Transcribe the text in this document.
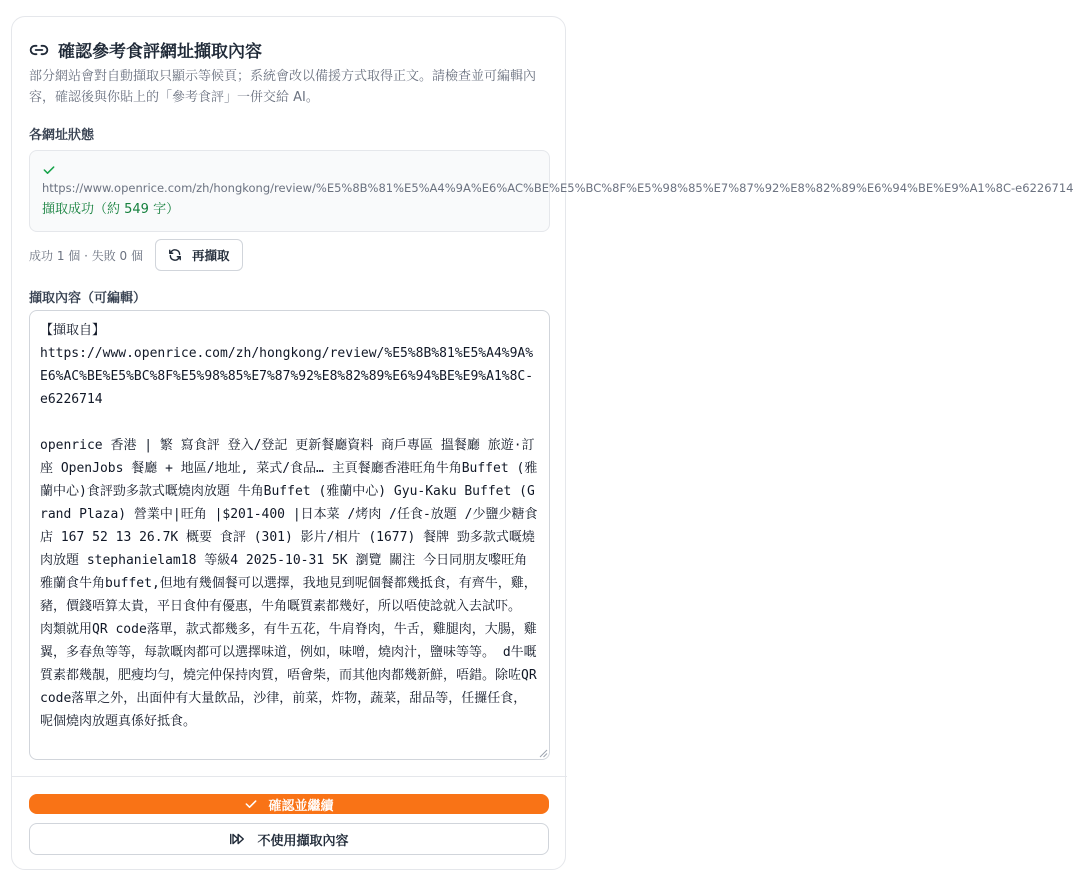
確認參考食評網址擷取內容

部分網站會對自動擷取只顯示等候頁；系統會改以備援方式取得正文。請檢查並可編輯內容，確認後與你貼上的「參考食評」一併交給 AI。

各網址狀態
https://www.openrice.com/zh/hongkong/review/%E5%8B%81%E5%A4%9A%E6%AC%BE%E5%BC%8F%E5%98%85%E7%87%92%E8%82%89%E6%94%BE%E9%A1%8C-e6226714
擷取成功（約 549 字）
成功 1 個 · 失敗 0 個	再擷取
擷取內容（可編輯）
【擷取自】
https://www.openrice.com/zh/hongkong/review/%E5%8B%81%E5%A4%9A%E6%AC%BE%E5%BC%8F%E5%98%85%E7%87%92%E8%82%89%E6%94%BE%E9%A1%8C-e6226714

openrice 香港 | 繁 寫食評 登入/登記 更新餐廳資料 商戶專區 搵餐廳 旅遊·訂座 OpenJobs 餐廳 + 地區/地址, 菜式/食品… 主頁餐廳香港旺角牛角Buffet (雅蘭中心)食評勁多款式嘅燒肉放題 牛角Buffet (雅蘭中心) Gyu-Kaku Buffet (Grand Plaza) 營業中|旺角 |$201-400 |日本菜 /烤肉 /任食-放題 /少鹽少糖食店 167 52 13 26.7K 概要 食評 (301) 影片/相片 (1677) 餐牌 勁多款式嘅燒肉放題 stephanielam18 等級4 2025-10-31 5K 瀏覽 關注 今日同朋友嚟旺角雅蘭食牛角buffet,但地有幾個餐可以選擇，我地見到呢個餐都幾抵食，有齊牛，雞，豬，價錢唔算太貴，平日食仲有優惠，牛角嘅質素都幾好，所以唔使諗就入去試吓。 肉類就用QR code落單，款式都幾多，有牛五花，牛肩脊肉，牛舌，雞腿肉，大腸，雞翼，多春魚等等，每款嘅肉都可以選擇味道，例如，味噌，燒肉汁，鹽味等等。 d牛嘅質素都幾靚，肥瘦均勻，燒完仲保持肉質，唔會柴，而其他肉都幾新鮮，唔錯。除咗QR code落單之外，出面仲有大量飲品，沙律，前菜，炸物，蔬菜，甜品等，任攞任食，呢個燒肉放題真係好抵食。
確認並繼續
不使用擷取內容
